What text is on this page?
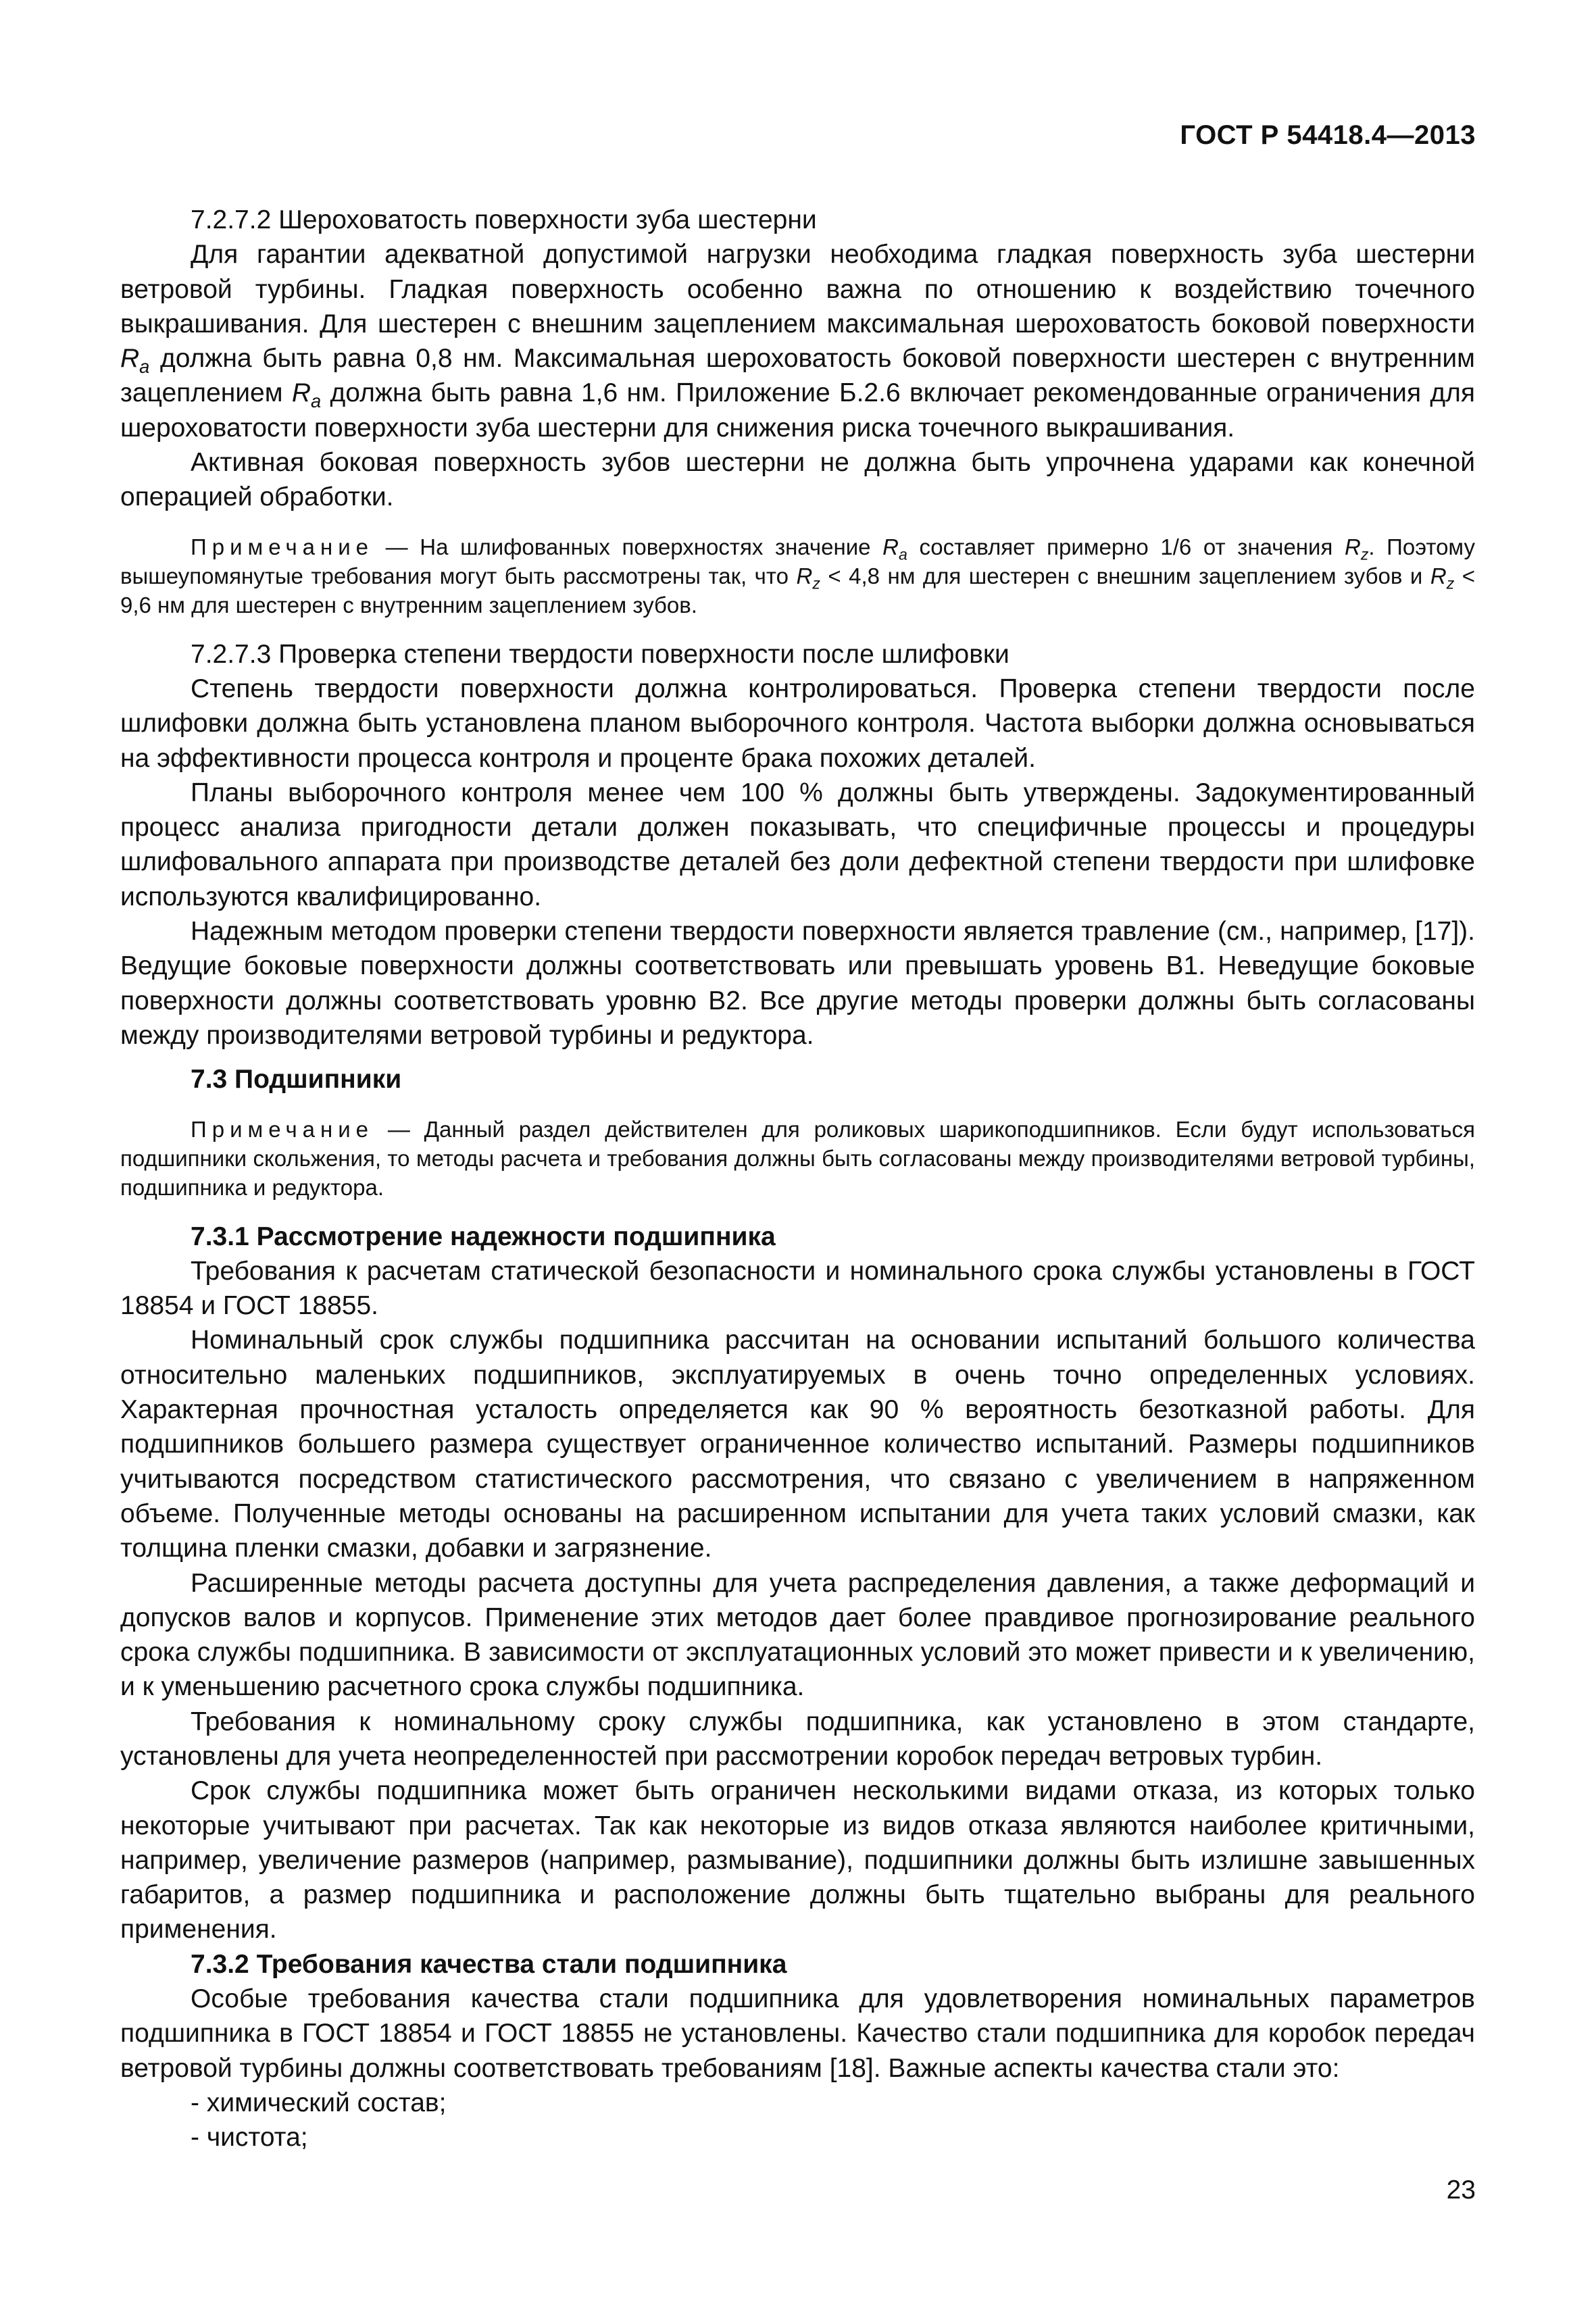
ГОСТ Р 54418.4—2013

7.2.7.2 Шероховатость поверхности зуба шестерни

Для гарантии адекватной допустимой нагрузки необходима гладкая поверхность зуба шестерни ветровой турбины. Гладкая поверхность особенно важна по отношению к воздействию точечного выкрашивания. Для шестерен с внешним зацеплением максимальная шероховатость боковой поверхности $R_a$ должна быть равна 0,8 нм. Максимальная шероховатость боковой поверхности шестерен с внутренним зацеплением $R_a$ должна быть равна 1,6 нм. Приложение Б.2.6 включает рекомендованные ограничения для шероховатости поверхности зуба шестерни для снижения риска точечного выкрашивания.

Активная боковая поверхность зубов шестерни не должна быть упрочнена ударами как конечной операцией обработки.

Примечание — На шлифованных поверхностях значение $R_a$ составляет примерно 1/6 от значения $R_z$. Поэтому вышеупомянутые требования могут быть рассмотрены так, что $R_z < 4,8$ нм для шестерен с внешним зацеплением зубов и $R_z < 9,6$ нм для шестерен с внутренним зацеплением зубов.

7.2.7.3 Проверка степени твердости поверхности после шлифовки

Степень твердости поверхности должна контролироваться. Проверка степени твердости после шлифовки должна быть установлена планом выборочного контроля. Частота выборки должна основываться на эффективности процесса контроля и проценте брака похожих деталей.

Планы выборочного контроля менее чем 100 % должны быть утверждены. Задокументированный процесс анализа пригодности детали должен показывать, что специфичные процессы и процедуры шлифовального аппарата при производстве деталей без доли дефектной степени твердости при шлифовке используются квалифицированно.

Надежным методом проверки степени твердости поверхности является травление (см., например, [17]). Ведущие боковые поверхности должны соответствовать или превышать уровень B1. Неведущие боковые поверхности должны соответствовать уровню B2. Все другие методы проверки должны быть согласованы между производителями ветровой турбины и редуктора.

7.3 Подшипники

Примечание — Данный раздел действителен для роликовых шарикоподшипников. Если будут использоваться подшипники скольжения, то методы расчета и требования должны быть согласованы между производителями ветровой турбины, подшипника и редуктора.

7.3.1 Рассмотрение надежности подшипника

Требования к расчетам статической безопасности и номинального срока службы установлены в ГОСТ 18854 и ГОСТ 18855.

Номинальный срок службы подшипника рассчитан на основании испытаний большого количества относительно маленьких подшипников, эксплуатируемых в очень точно определенных условиях. Характерная прочностная усталость определяется как 90 % вероятность безотказной работы. Для подшипников большего размера существует ограниченное количество испытаний. Размеры подшипников учитываются посредством статистического рассмотрения, что связано с увеличением в напряженном объеме. Полученные методы основаны на расширенном испытании для учета таких условий смазки, как толщина пленки смазки, добавки и загрязнение.

Расширенные методы расчета доступны для учета распределения давления, а также деформаций и допусков валов и корпусов. Применение этих методов дает более правдивое прогнозирование реального срока службы подшипника. В зависимости от эксплуатационных условий это может привести и к увеличению, и к уменьшению расчетного срока службы подшипника.

Требования к номинальному сроку службы подшипника, как установлено в этом стандарте, установлены для учета неопределенностей при рассмотрении коробок передач ветровых турбин.

Срок службы подшипника может быть ограничен несколькими видами отказа, из которых только некоторые учитывают при расчетах. Так как некоторые из видов отказа являются наиболее критичными, например, увеличение размеров (например, размывание), подшипники должны быть излишне завышенных габаритов, а размер подшипника и расположение должны быть тщательно выбраны для реального применения.

7.3.2 Требования качества стали подшипника

Особые требования качества стали подшипника для удовлетворения номинальных параметров подшипника в ГОСТ 18854 и ГОСТ 18855 не установлены. Качество стали подшипника для коробок передач ветровой турбины должны соответствовать требованиям [18]. Важные аспекты качества стали это:

- химический состав;

- чистота;

23
